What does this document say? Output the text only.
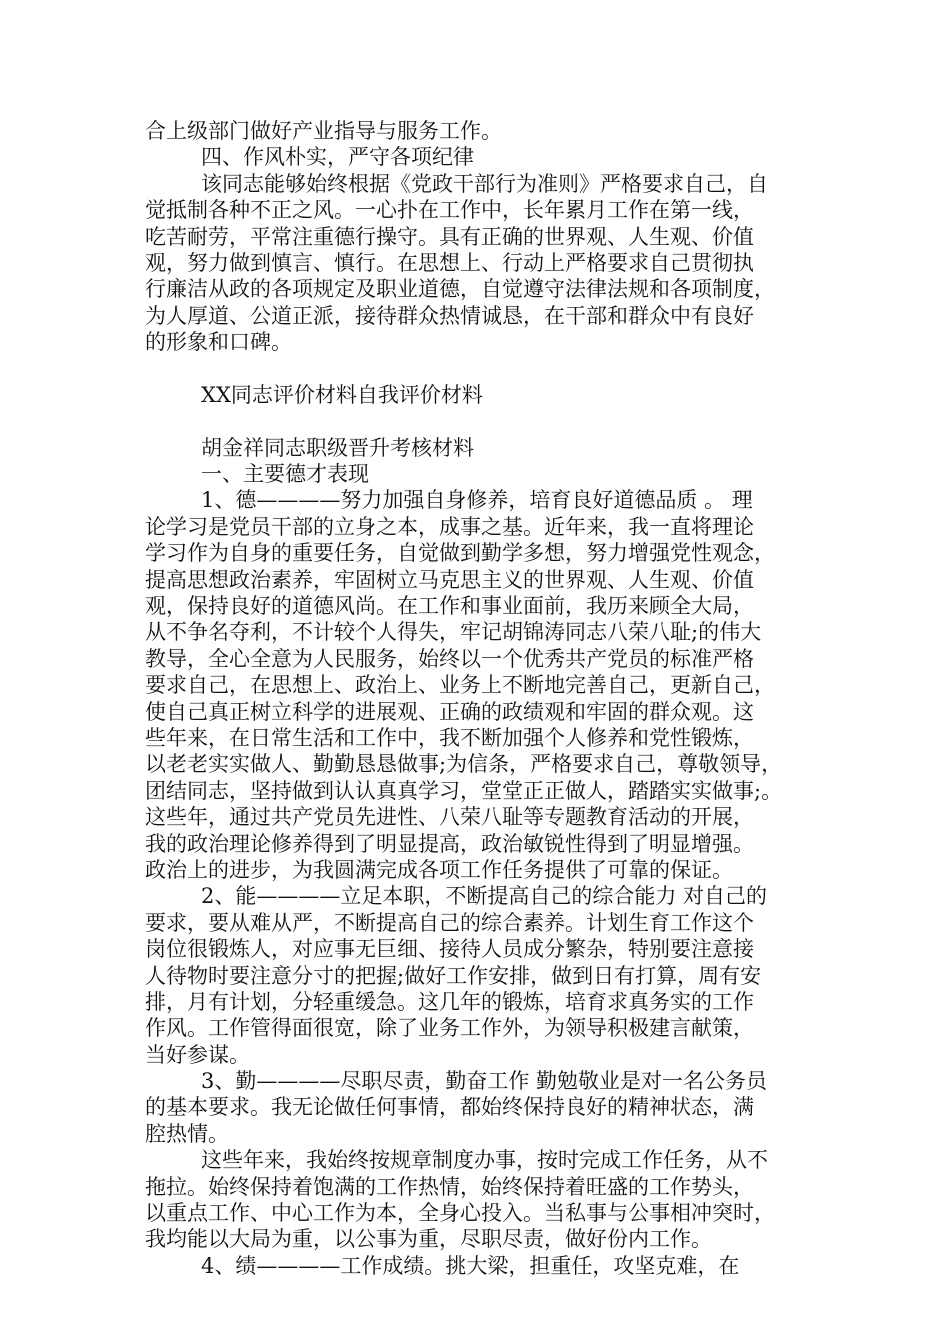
合上级部门做好产业指导与服务工作。
四、作风朴实，严守各项纪律
该同志能够始终根据《党政干部行为准则》严格要求自己，自
觉抵制各种不正之风。一心扑在工作中，长年累月工作在第一线，
吃苦耐劳，平常注重德行操守。具有正确的世界观、人生观、价值
观，努力做到慎言、慎行。在思想上、行动上严格要求自己贯彻执
行廉洁从政的各项规定及职业道德，自觉遵守法律法规和各项制度，
为人厚道、公道正派，接待群众热情诚恳，在干部和群众中有良好
的形象和口碑。
XX同志评价材料自我评价材料
胡金祥同志职级晋升考核材料
一、主要德才表现
1、德————努力加强自身修养，培育良好道德品质 。 理
论学习是党员干部的立身之本，成事之基。近年来，我一直将理论
学习作为自身的重要任务，自觉做到勤学多想，努力增强党性观念，
提高思想政治素养，牢固树立马克思主义的世界观、人生观、价值
观，保持良好的道德风尚。在工作和事业面前，我历来顾全大局，
从不争名夺利，不计较个人得失，牢记胡锦涛同志八荣八耻;的伟大
教导，全心全意为人民服务，始终以一个优秀共产党员的标准严格
要求自己，在思想上、政治上、业务上不断地完善自己，更新自己，
使自己真正树立科学的进展观、正确的政绩观和牢固的群众观。这
些年来，在日常生活和工作中，我不断加强个人修养和党性锻炼，
以老老实实做人、勤勤恳恳做事;为信条，严格要求自己，尊敬领导，
团结同志，坚持做到认认真真学习，堂堂正正做人，踏踏实实做事;。
这些年，通过共产党员先进性、八荣八耻等专题教育活动的开展，
我的政治理论修养得到了明显提高，政治敏锐性得到了明显增强。
政治上的进步，为我圆满完成各项工作任务提供了可靠的保证。
2、能————立足本职，不断提高自己的综合能力 对自己的
要求，要从难从严，不断提高自己的综合素养。计划生育工作这个
岗位很锻炼人，对应事无巨细、接待人员成分繁杂，特别要注意接
人待物时要注意分寸的把握;做好工作安排，做到日有打算，周有安
排，月有计划，分轻重缓急。这几年的锻炼，培育求真务实的工作
作风。工作管得面很宽，除了业务工作外，为领导积极建言献策，
当好参谋。
3、勤————尽职尽责，勤奋工作 勤勉敬业是对一名公务员
的基本要求。我无论做任何事情，都始终保持良好的精神状态，满
腔热情。
这些年来，我始终按规章制度办事，按时完成工作任务，从不
拖拉。始终保持着饱满的工作热情，始终保持着旺盛的工作势头，
以重点工作、中心工作为本，全身心投入。当私事与公事相冲突时，
我均能以大局为重，以公事为重，尽职尽责，做好份内工作。
4、绩————工作成绩。挑大梁，担重任，攻坚克难，在
